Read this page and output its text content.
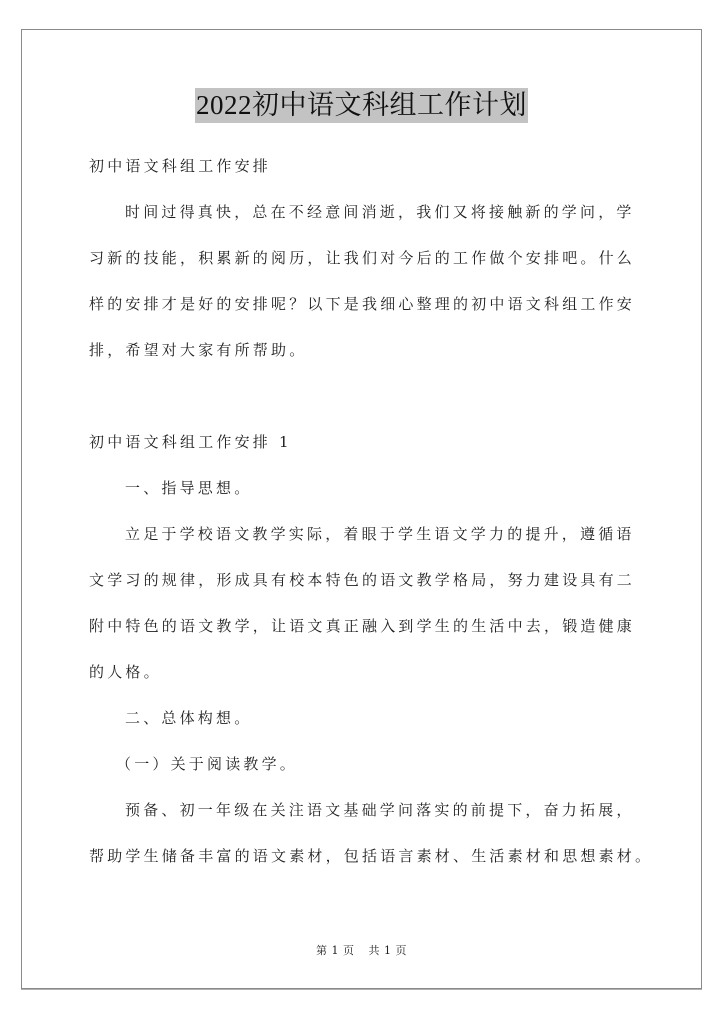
2022初中语文科组工作计划
初中语文科组工作安排
时间过得真快，总在不经意间消逝，我们又将接触新的学问，学
习新的技能，积累新的阅历，让我们对今后的工作做个安排吧。什么
样的安排才是好的安排呢？以下是我细心整理的初中语文科组工作安
排，希望对大家有所帮助。
初中语文科组工作安排 1
一、指导思想。
立足于学校语文教学实际，着眼于学生语文学力的提升，遵循语
文学习的规律，形成具有校本特色的语文教学格局，努力建设具有二
附中特色的语文教学，让语文真正融入到学生的生活中去，锻造健康
的人格。
二、总体构想。
（一）关于阅读教学。
预备、初一年级在关注语文基础学问落实的前提下，奋力拓展，
帮助学生储备丰富的语文素材，包括语言素材、生活素材和思想素材。
第 1 页 共 1 页
